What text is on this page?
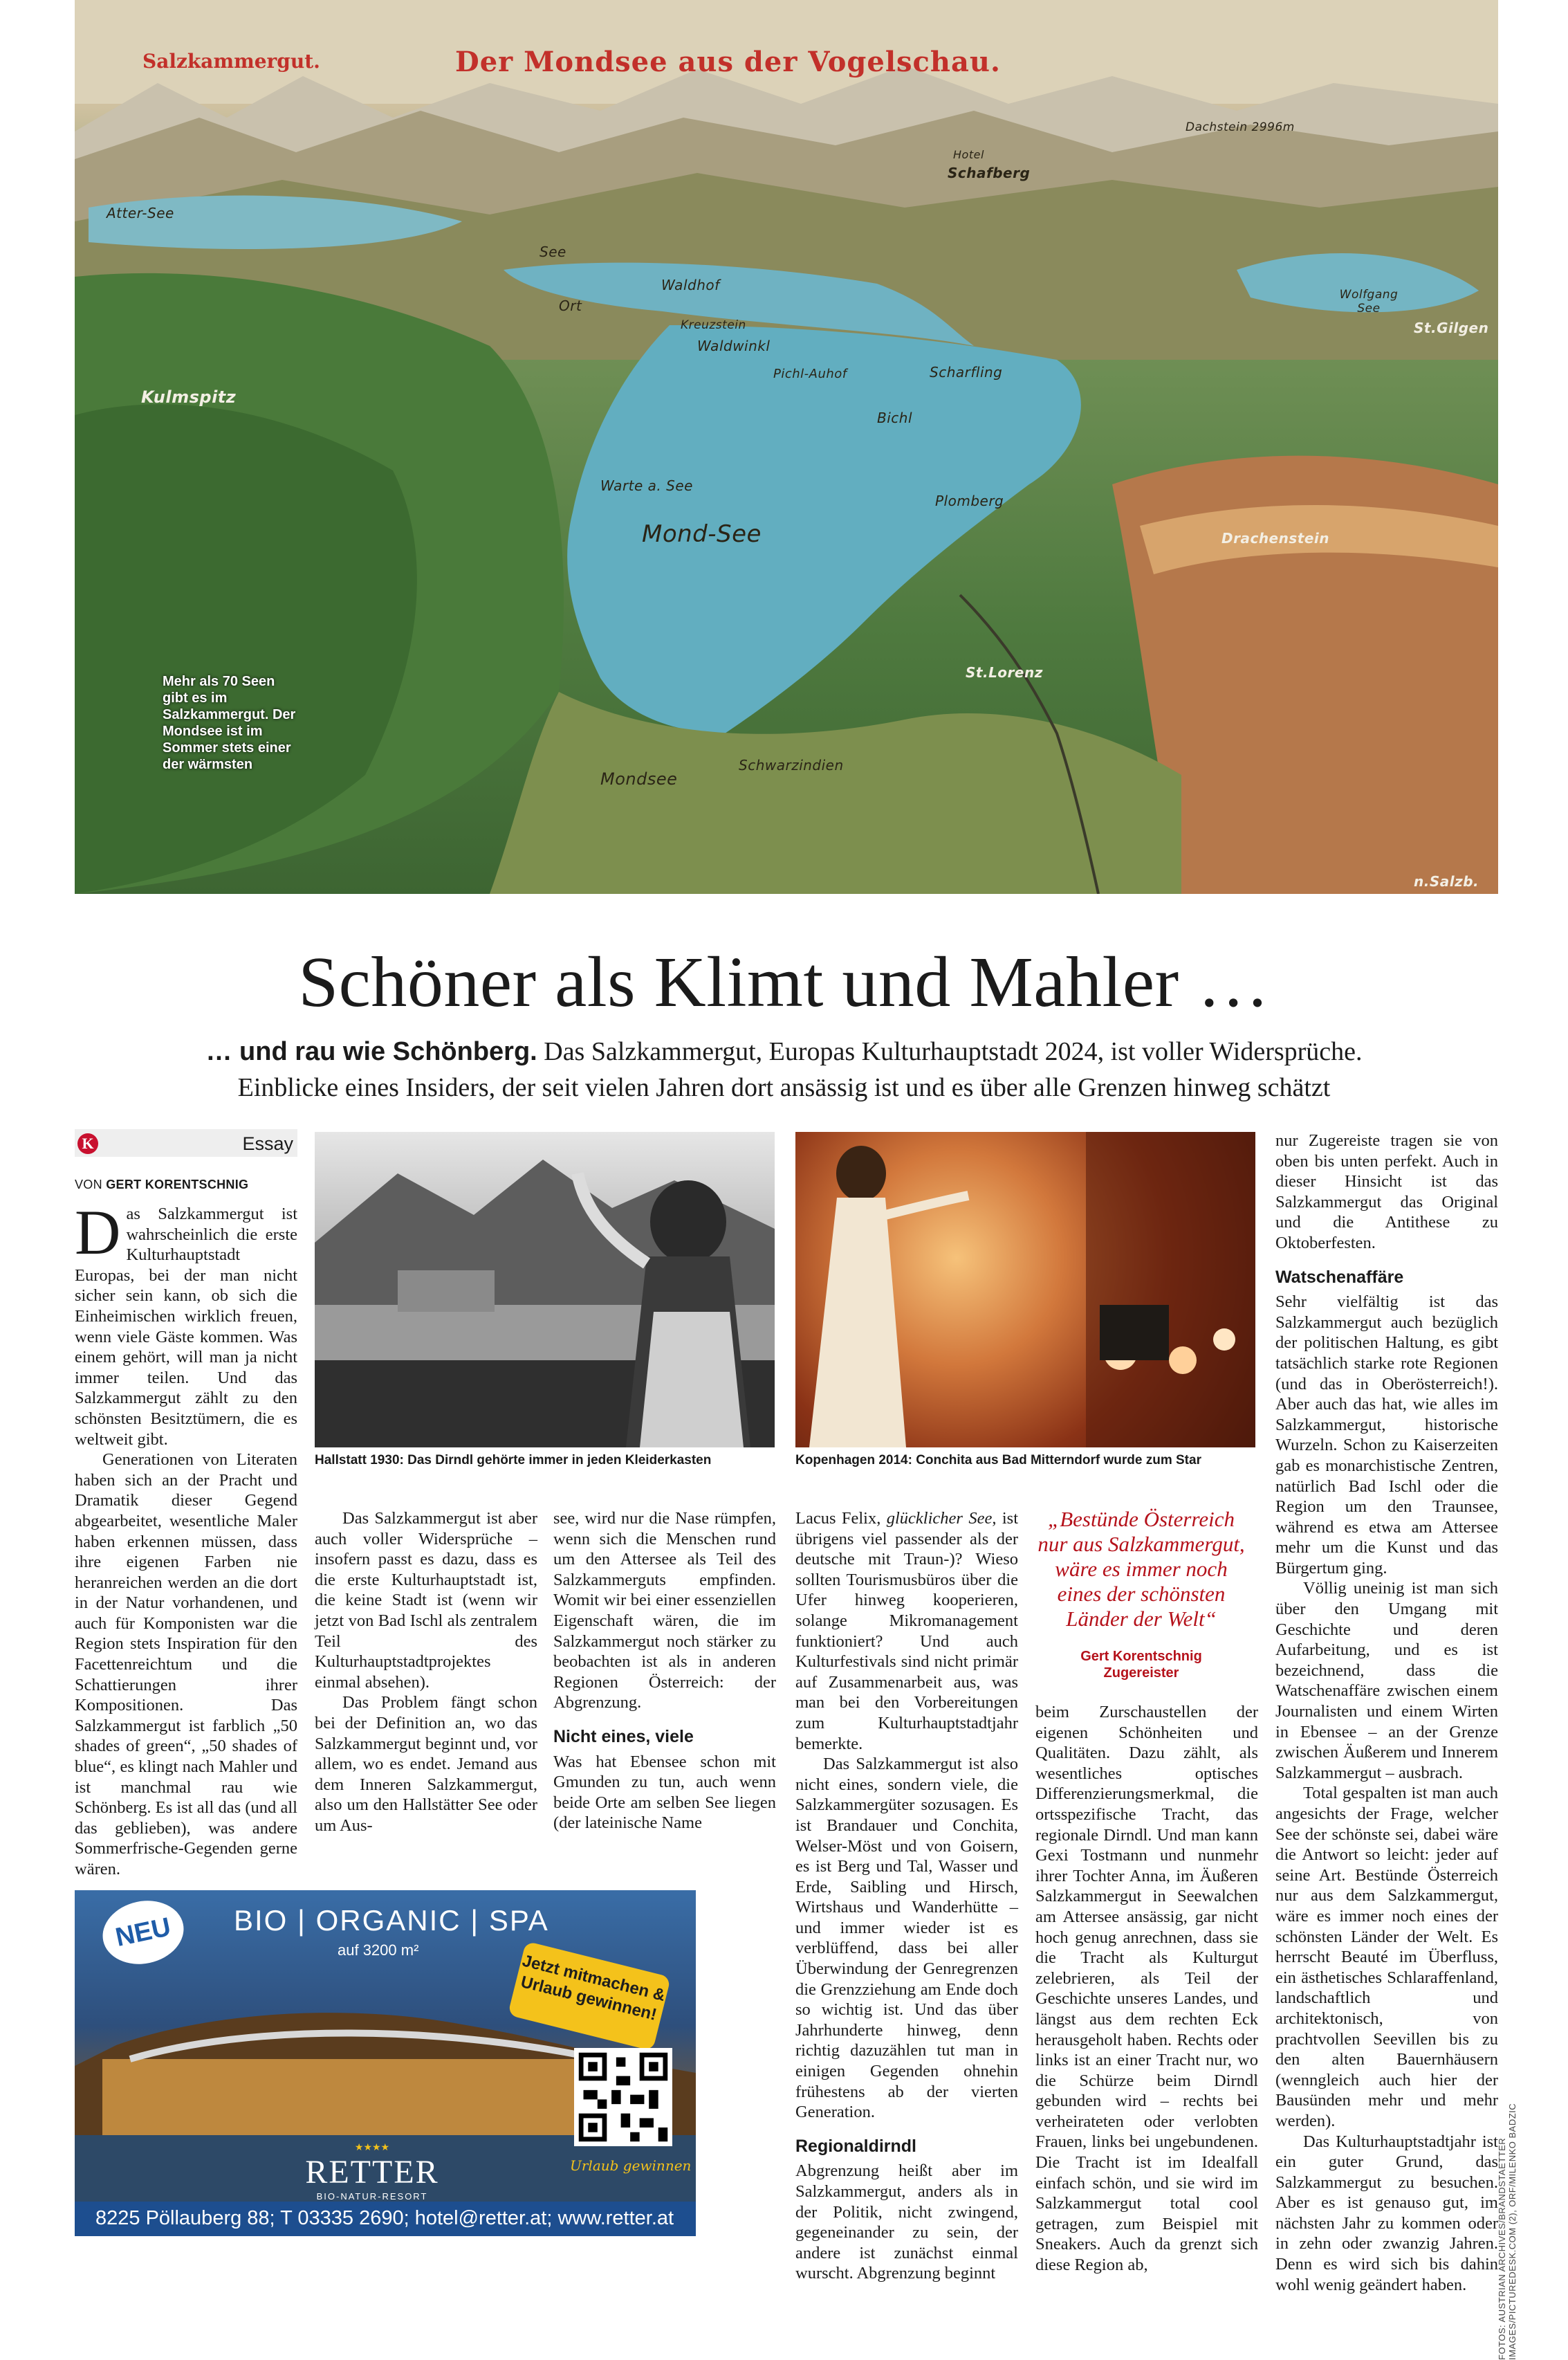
Salzkammergut.	Der Mondsee aus der Vogelschau.
Atter-See
Dachstein 2996m
Hotel
Schafberg
See
Waldhof
Ort
Kreuzstein
Waldwinkl
Pichl-Auhof	Scharfling
Wolfgang See
St.Gilgen
Kulmspitz
Bichl
Warte a. See
Mond-See
Plomberg
Drachenstein
St.Lorenz
Schwarzindien
Mondsee
n.Salzb.
Mehr als 70 Seen gibt es im Salzkammergut. Der Mondsee ist im Sommer stets einer der wärmsten
Schöner als Klimt und Mahler …
… und rau wie Schönberg. Das Salzkammergut, Europas Kulturhauptstadt 2024, ist voller Widersprüche.
Einblicke eines Insiders, der seit vielen Jahren dort ansässig ist und es über alle Grenzen hinweg schätzt
K	Essay
VON GERT KORENTSCHNIG

Das Salzkammergut ist wahrscheinlich die erste Kulturhauptstadt Europas, bei der man nicht sicher sein kann, ob sich die Einheimischen wirklich freuen, wenn viele Gäste kommen. Was einem gehört, will man ja nicht immer teilen. Und das Salzkammergut zählt zu den schönsten Besitztümern, die es weltweit gibt.

Generationen von Literaten haben sich an der Pracht und Dramatik dieser Gegend abgearbeitet, wesentliche Maler haben erkennen müssen, dass ihre eigenen Farben nie heranreichen werden an die dort in der Natur vorhandenen, und auch für Komponisten war die Region stets Inspiration für den Facettenreichtum und die Schattierungen ihrer Kompositionen. Das Salzkammergut ist farblich „50 shades of green“, „50 shades of blue“, es klingt nach Mahler und ist manchmal rau wie Schönberg. Es ist all das (und all das geblieben), was andere Sommerfrische-Gegenden gerne wären.

Hallstatt 1930: Das Dirndl gehörte immer in jeden Kleiderkasten	Kopenhagen 2014: Conchita aus Bad Mitterndorf wurde zum Star

Das Salzkammergut ist aber auch voller Widersprüche – insofern passt es dazu, dass es die erste Kulturhauptstadt ist, die keine Stadt ist (wenn wir jetzt von Bad Ischl als zentralem Teil des Kulturhauptstadtprojektes einmal absehen).

Das Problem fängt schon bei der Definition an, wo das Salzkammergut beginnt und, vor allem, wo es endet. Jemand aus dem Inneren Salzkammergut, also um den Hallstätter See oder um Aus-

see, wird nur die Nase rümpfen, wenn sich die Menschen rund um den Attersee als Teil des Salzkammerguts empfinden. Womit wir bei einer essenziellen Eigenschaft wären, die im Salzkammergut noch stärker zu beobachten ist als in anderen Regionen Österreich: der Abgrenzung.

Nicht eines, viele

Was hat Ebensee schon mit Gmunden zu tun, auch wenn beide Orte am selben See liegen (der lateinische Name

Lacus Felix, glücklicher See, ist übrigens viel passender als der deutsche mit Traun-)? Wieso sollten Tourismusbüros über die Ufer hinweg kooperieren, solange Mikromanagement funktioniert? Und auch Kulturfestivals sind nicht primär auf Zusammenarbeit aus, was man bei den Vorbereitungen zum Kulturhauptstadtjahr bemerkte.

Das Salzkammergut ist also nicht eines, sondern viele, die Salzkammergüter sozusagen. Es ist Brandauer und Conchita, Welser-Möst und von Goisern, es ist Berg und Tal, Wasser und Erde, Saibling und Hirsch, Wirtshaus und Wanderhütte – und immer wieder ist es verblüffend, dass bei aller Überwindung der Genregrenzen die Grenzziehung am Ende doch so wichtig ist. Und das über Jahrhunderte hinweg, denn richtig dazuzählen tut man in einigen Gegenden ohnehin frühestens ab der vierten Generation.

Regionaldirndl

Abgrenzung heißt aber im Salzkammergut, anders als in der Politik, nicht zwingend, gegeneinander zu sein, der andere ist zunächst einmal wurscht. Abgrenzung beginnt

„Bestünde Österreich nur aus Salzkammergut, wäre es immer noch eines der schönsten Länder der Welt“
Gert Korentschnig
Zugereister

beim Zurschaustellen der eigenen Schönheiten und Qualitäten. Dazu zählt, als wesentliches optisches Differenzierungsmerkmal, die ortsspezifische Tracht, das regionale Dirndl. Und man kann Gexi Tostmann und nunmehr ihrer Tochter Anna, im Äußeren Salzkammergut in Seewalchen am Attersee ansässig, gar nicht hoch genug anrechnen, dass sie die Tracht als Kulturgut zelebrieren, als Teil der Geschichte unseres Landes, und längst aus dem rechten Eck herausgeholt haben. Rechts oder links ist an einer Tracht nur, wo die Schürze beim Dirndl gebunden wird – rechts bei verheirateten oder verlobten Frauen, links bei ungebundenen. Die Tracht ist im Idealfall einfach schön, und sie wird im Salzkammergut total cool getragen, zum Beispiel mit Sneakers. Auch da grenzt sich diese Region ab,

nur Zugereiste tragen sie von oben bis unten perfekt. Auch in dieser Hinsicht ist das Salzkammergut das Original und die Antithese zu Oktoberfesten.

Watschenaffäre

Sehr vielfältig ist das Salzkammergut auch bezüglich der politischen Haltung, es gibt tatsächlich starke rote Regionen (und das in Oberösterreich!). Aber auch das hat, wie alles im Salzkammergut, historische Wurzeln. Schon zu Kaiserzeiten gab es monarchistische Zentren, natürlich Bad Ischl oder die Region um den Traunsee, während es etwa am Attersee mehr um die Kunst und das Bürgertum ging.

Völlig uneinig ist man sich über den Umgang mit Geschichte und deren Aufarbeitung, und es ist bezeichnend, dass die Watschenaffäre zwischen einem Journalisten und einem Wirten in Ebensee – an der Grenze zwischen Äußerem und Innerem Salzkammergut – ausbrach.

Total gespalten ist man auch angesichts der Frage, welcher See der schönste sei, dabei wäre die Antwort so leicht: jeder auf seine Art. Bestünde Österreich nur aus dem Salzkammergut, wäre es immer noch eines der schönsten Länder der Welt. Es herrscht Beauté im Überfluss, ein ästhetisches Schlaraffenland, landschaftlich und architektonisch, von prachtvollen Seevillen bis zu den alten Bauernhäusern (wenngleich auch hier der Bausünden mehr und mehr werden).

Das Kulturhauptstadtjahr ist ein guter Grund, das Salzkammergut zu besuchen. Aber es ist genauso gut, im nächsten Jahr zu kommen oder in zehn oder zwanzig Jahren. Denn es wird sich bis dahin wohl wenig geändert haben.

NEU	BIO | ORGANIC | SPA
auf 3200 m²
Jetzt mitmachen & Urlaub gewinnen!
★★★★
RETTER
BIO-NATUR-RESORT
Urlaub gewinnen
8225 Pöllauberg 88; T 03335 2690; hotel@retter.at; www.retter.at	FOTOS: AUSTRIAN ARCHIVES/BRANDSTAETTER IMAGES/PICTUREDESK.COM (2), ORF/MILENKO BADZIC
